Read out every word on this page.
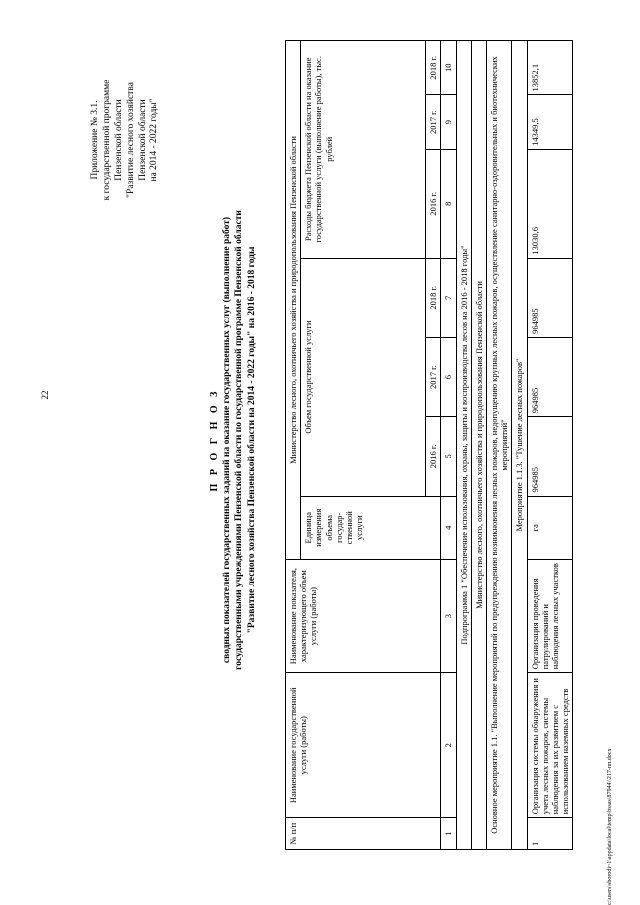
22
c:\users\sborodi~1\appdata\local\temp\bssas\87944\\217-пп.docx
Приложение № 3.1. к государственной программе Пензенской области "Развитие лесного хозяйства Пензенской области на 2014 - 2022 годы"
П Р О Г Н О З сводных показателей государственных заданий на оказание государственных услуг (выполнение работ) государственными учреждениями Пензенской области по государственной программе Пензенской области "Развитие лесного хозяйства Пензенской области на 2014 - 2022 годы" на 2016 - 2018 годы
№ п/п	Наименование государственной услуги (работы)	Наименование показателя, характеризующего объем услуги (работы)	Министерство лесного, охотничьего хозяйства и природопользования Пензенской области						
			Единица измерения объема государ- ственной услуги	Объем государственной услуги			Расходы бюджета Пензенской области на оказание государственной услуги (выполнение работы), тыс. рублей		
				2016 г.	2017 г.	2018 г.	2016 г.	2017 г.	2018 г.
1	2	3	4	5	6	7	8	9	10
Подпрограмма 1 "Обеспечение использования, охраны, защиты и воспроизводства лесов на 2016 - 2018 годы"									
Министерство лесного, охотничьего хозяйства и природопользования Пензенской области									
Основное мероприятие 1.1. "Выполнение мероприятий по предупреждению возникновения лесных пожаров, недопущению крупных лесных пожаров, осуществление санитарно-оздоровительных и биотехнических мероприятий"									
Мероприятие 1.1.3. "Тушение лесных пожаров"									
1	Организация системы обнаружения и учета лесных пожаров, системы наблюдения за их развитием с использованием наземных средств	Организация проведения патрулирований и наблюдения лесных участков	га	964985	964985	964985	13030,6	14349,5	13852,1
